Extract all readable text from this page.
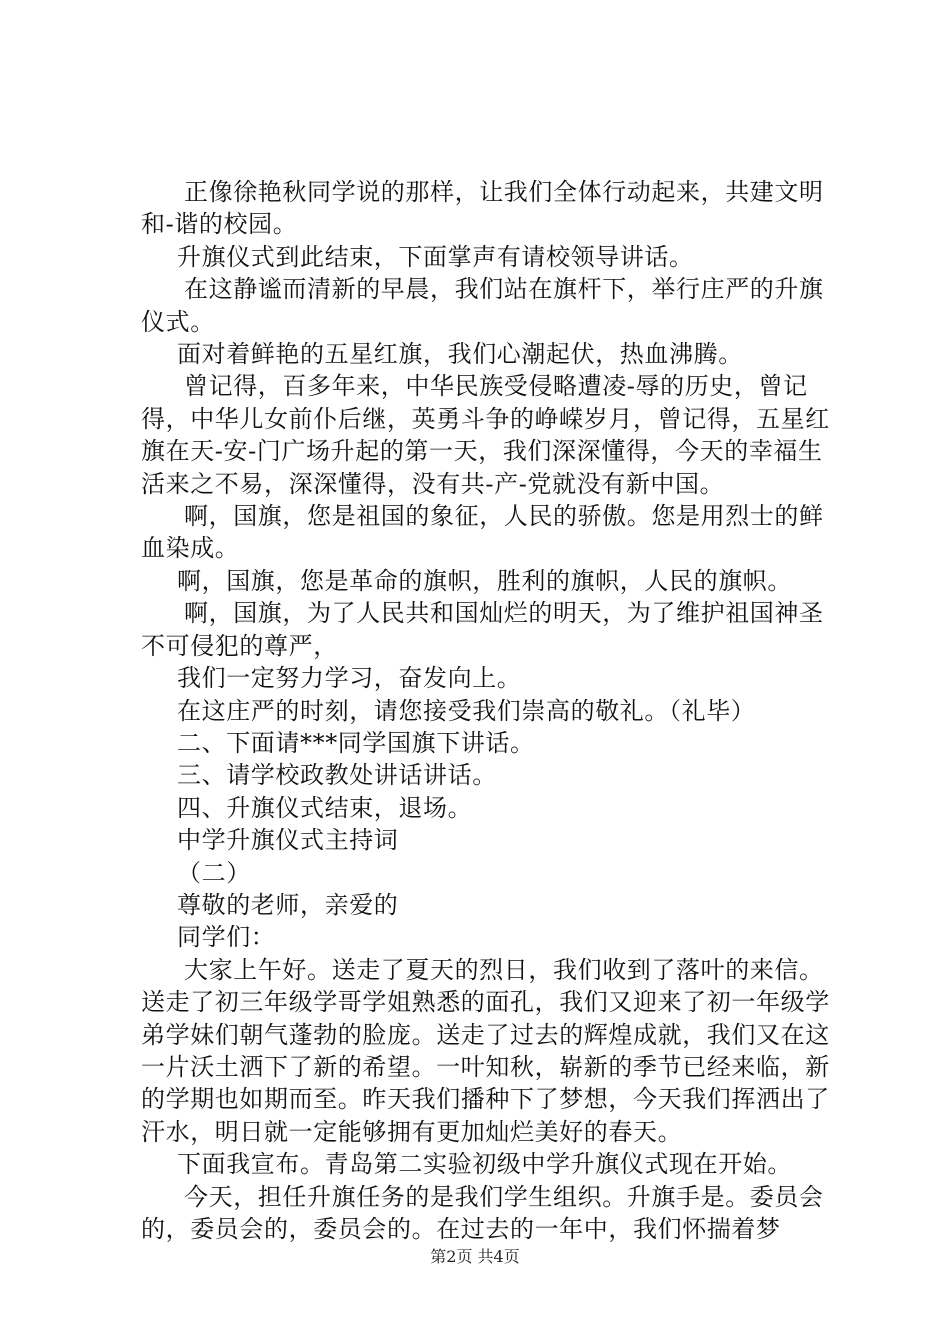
正像徐艳秋同学说的那样，让我们全体行动起来，共建文明和-谐的校园。

升旗仪式到此结束，下面掌声有请校领导讲话。

在这静谧而清新的早晨，我们站在旗杆下，举行庄严的升旗仪式。

面对着鲜艳的五星红旗，我们心潮起伏，热血沸腾。

曾记得，百多年来，中华民族受侵略遭凌-辱的历史，曾记得，中华儿女前仆后继，英勇斗争的峥嵘岁月，曾记得，五星红旗在天-安-门广场升起的第一天，我们深深懂得，今天的幸福生活来之不易，深深懂得，没有共-产-党就没有新中国。

啊，国旗，您是祖国的象征，人民的骄傲。您是用烈士的鲜血染成。

啊，国旗，您是革命的旗帜，胜利的旗帜，人民的旗帜。

啊，国旗，为了人民共和国灿烂的明天，为了维护祖国神圣不可侵犯的尊严，

我们一定努力学习，奋发向上。

在这庄严的时刻，请您接受我们崇高的敬礼。（礼毕）

二、下面请***同学国旗下讲话。

三、请学校政教处讲话讲话。

四、升旗仪式结束，退场。

中学升旗仪式主持词

（二）

尊敬的老师，亲爱的

同学们：

大家上午好。送走了夏天的烈日，我们收到了落叶的来信。送走了初三年级学哥学姐熟悉的面孔，我们又迎来了初一年级学弟学妹们朝气蓬勃的脸庞。送走了过去的辉煌成就，我们又在这一片沃土洒下了新的希望。一叶知秋，崭新的季节已经来临，新的学期也如期而至。昨天我们播种下了梦想，今天我们挥洒出了汗水，明日就一定能够拥有更加灿烂美好的春天。

下面我宣布。青岛第二实验初级中学升旗仪式现在开始。

今天，担任升旗任务的是我们学生组织。升旗手是。委员会的，委员会的，委员会的。在过去的一年中，我们怀揣着梦

第2页 共4页
